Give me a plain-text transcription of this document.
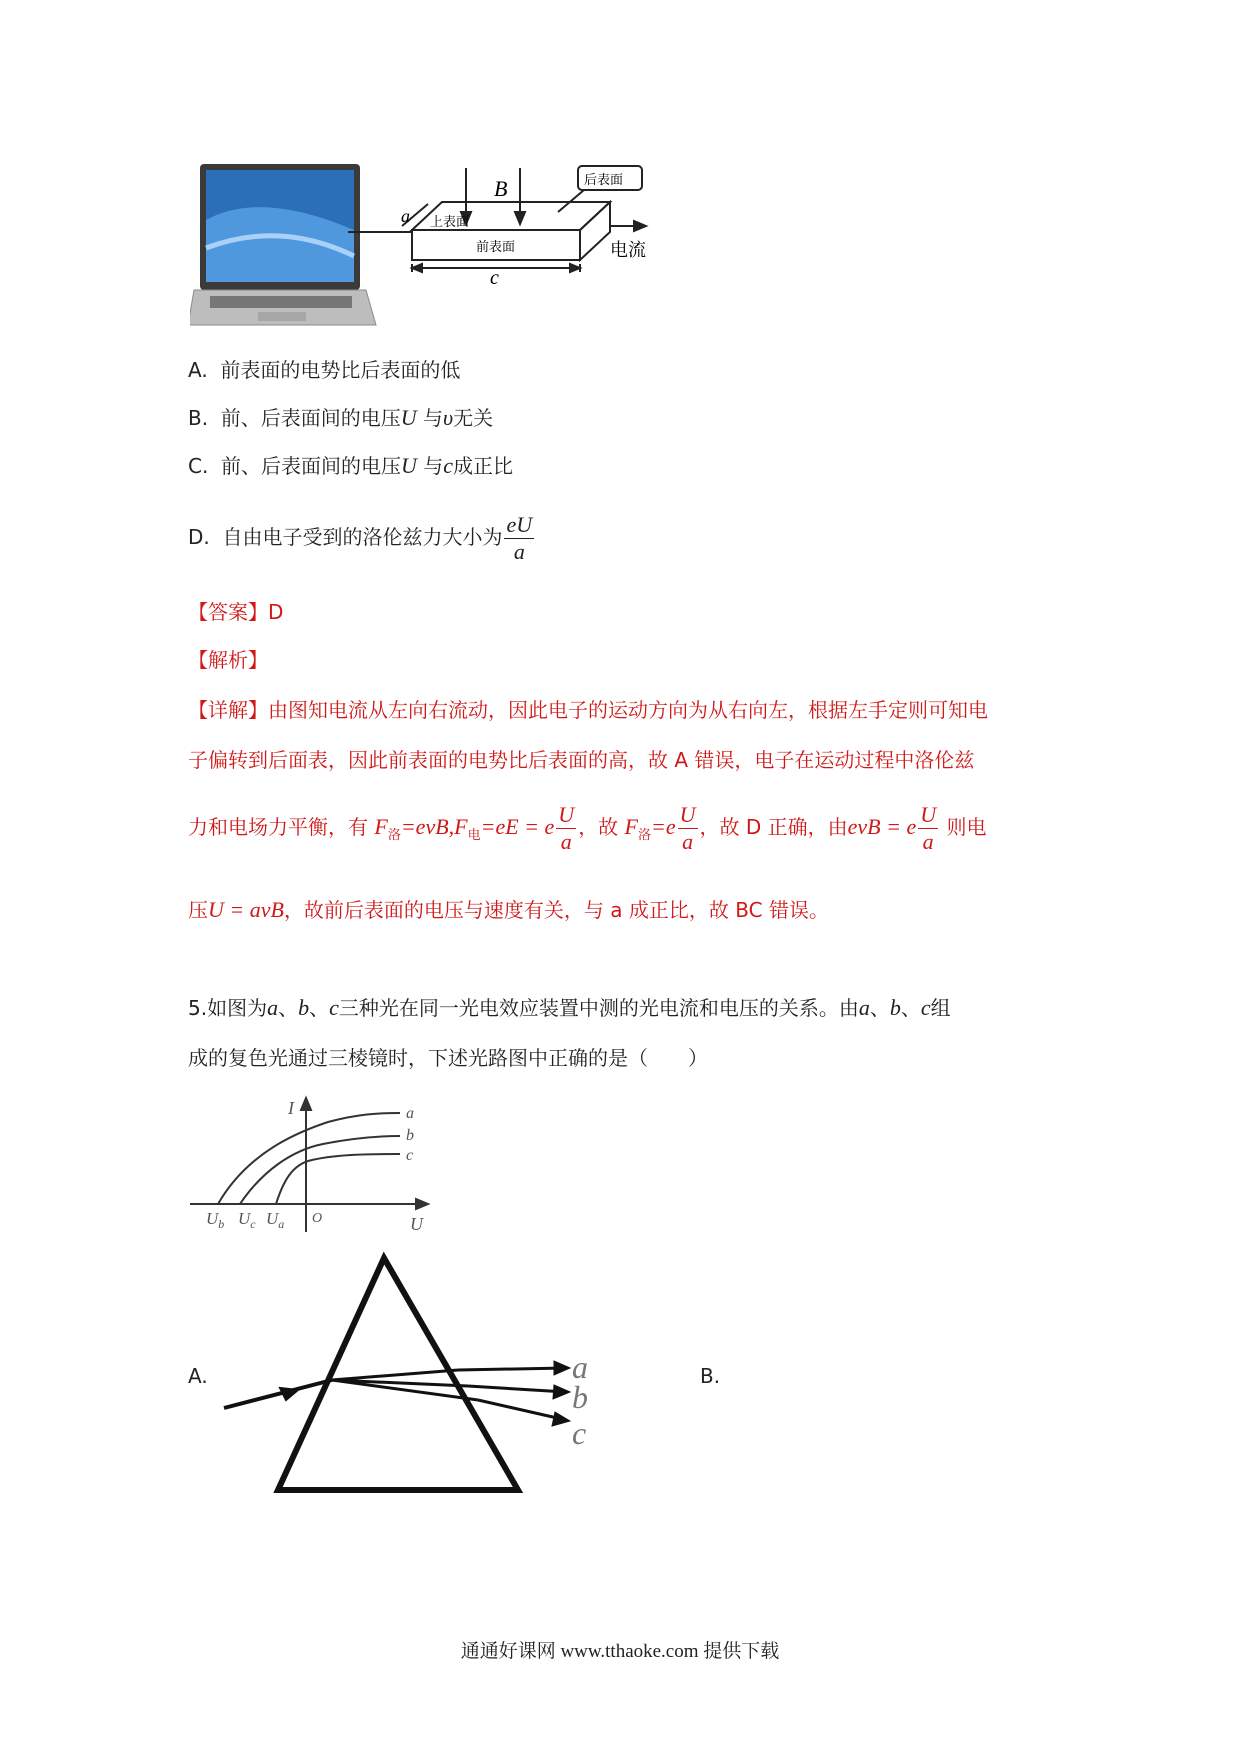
B	后表面
上表面
前表面	电流
a
c
A. 前表面的电势比后表面的低
B. 前、后表面间的电压U 与υ无关
C. 前、后表面间的电压U 与c成正比
D. 自由电子受到的洛伦兹力大小为 $\frac{eU}{a}$
【答案】D
【解析】
【详解】由图知电流从左向右流动，因此电子的运动方向为从右向左，根据左手定则可知电
子偏转到后面表，因此前表面的电势比后表面的高，故 A 错误，电子在运动过程中洛伦兹
力和电场力平衡，有 $F_洛=evB,F_电=eE = e \frac{U}{a}$ ，故 $F_洛=e \frac{U}{a}$ ，故 D 正确，由evB = e $\frac{U}{a}$ 则电
压U = avB，故前后表面的电压与速度有关，与 a 成正比，故 BC 错误。
5.如图为a、b、c三种光在同一光电效应装置中测的光电流和电压的关系。由a、b、c组
成的复色光通过三棱镜时，下述光路图中正确的是（　　）
I
U
O
a
b
c
$U_b$ $U_c$ $U_a$
A.	B.
a
b
c
通通好课网 www.tthaoke.com 提供下载
